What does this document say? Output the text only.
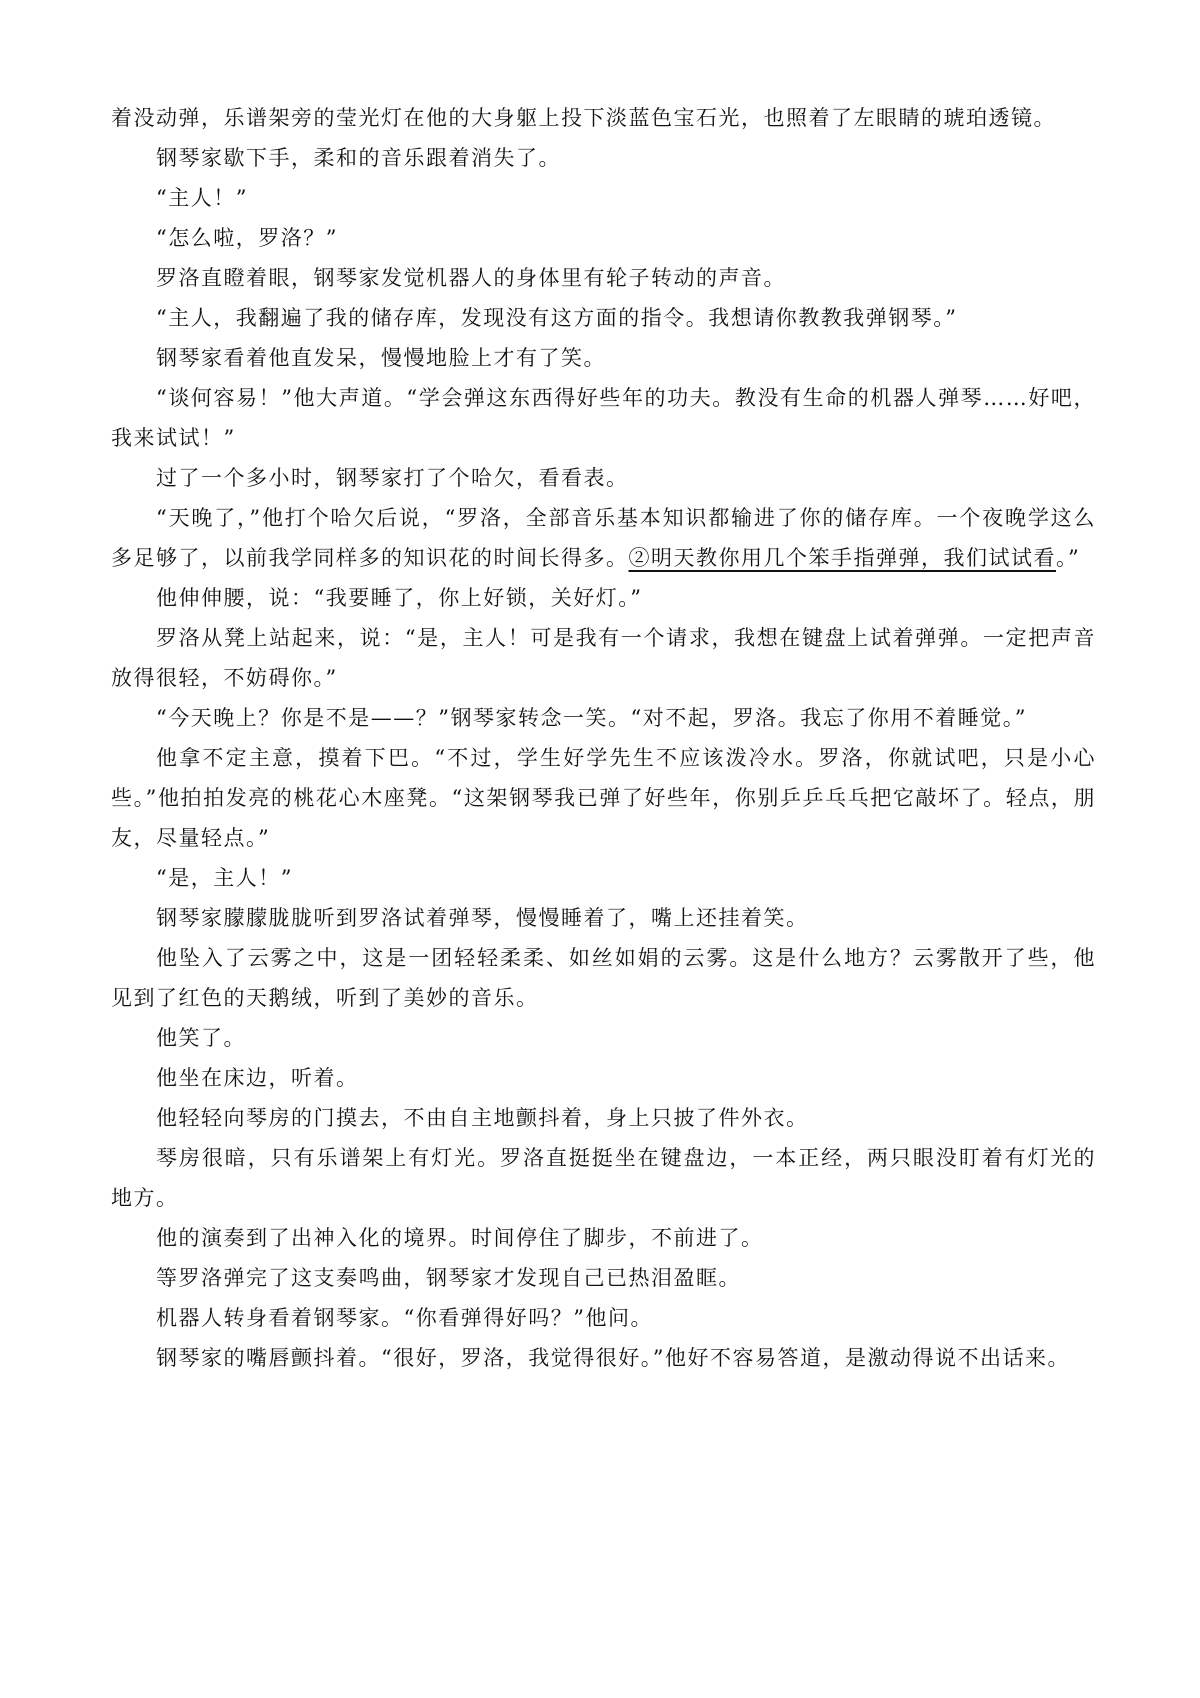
着没动弹，乐谱架旁的莹光灯在他的大身躯上投下淡蓝色宝石光，也照着了左眼睛的琥珀透镜。

钢琴家歇下手，柔和的音乐跟着消失了。

“主人！”

“怎么啦，罗洛？”

罗洛直瞪着眼，钢琴家发觉机器人的身体里有轮子转动的声音。

“主人，我翻遍了我的储存库，发现没有这方面的指令。我想请你教教我弹钢琴。”

钢琴家看着他直发呆，慢慢地脸上才有了笑。

“谈何容易！”他大声道。“学会弹这东西得好些年的功夫。教没有生命的机器人弹琴……好吧，我来试试！”

过了一个多小时，钢琴家打了个哈欠，看看表。

“天晚了，”他打个哈欠后说，“罗洛，全部音乐基本知识都输进了你的储存库。一个夜晚学这么多足够了，以前我学同样多的知识花的时间长得多。②明天教你用几个笨手指弹弹，我们试试看。”

他伸伸腰，说：“我要睡了，你上好锁，关好灯。”

罗洛从凳上站起来，说：“是，主人！可是我有一个请求，我想在键盘上试着弹弹。一定把声音放得很轻，不妨碍你。”

“今天晚上？你是不是——？”钢琴家转念一笑。“对不起，罗洛。我忘了你用不着睡觉。”

他拿不定主意，摸着下巴。“不过，学生好学先生不应该泼冷水。罗洛，你就试吧，只是小心些。”他拍拍发亮的桃花心木座凳。“这架钢琴我已弹了好些年，你别乒乒乓乓把它敲坏了。轻点，朋友，尽量轻点。”

“是，主人！”

钢琴家朦朦胧胧听到罗洛试着弹琴，慢慢睡着了，嘴上还挂着笑。

他坠入了云雾之中，这是一团轻轻柔柔、如丝如娟的云雾。这是什么地方？云雾散开了些，他见到了红色的天鹅绒，听到了美妙的音乐。

他笑了。

他坐在床边，听着。

他轻轻向琴房的门摸去，不由自主地颤抖着，身上只披了件外衣。

琴房很暗，只有乐谱架上有灯光。罗洛直挺挺坐在键盘边，一本正经，两只眼没盯着有灯光的地方。

他的演奏到了出神入化的境界。时间停住了脚步，不前进了。

等罗洛弹完了这支奏鸣曲，钢琴家才发现自己已热泪盈眶。

机器人转身看着钢琴家。“你看弹得好吗？”他问。

钢琴家的嘴唇颤抖着。“很好，罗洛，我觉得很好。”他好不容易答道，是激动得说不出话来。
